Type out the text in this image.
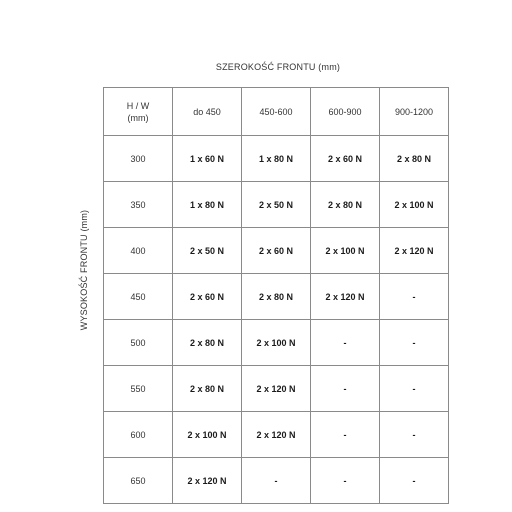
SZEROKOŚĆ FRONTU (mm)
WYSOKOŚĆ FRONTU (mm)
H / W
(mm)	do 450	450-600	600-900	900-1200
300	1 x 60 N	1 x 80 N	2 x 60 N	2 x 80 N
350	1 x 80 N	2 x 50 N	2 x 80 N	2 x 100 N
400	2 x 50 N	2 x 60 N	2 x 100 N	2 x 120 N
450	2 x 60 N	2 x 80 N	2 x 120 N	-
500	2 x 80 N	2 x 100 N	-	-
550	2 x 80 N	2 x 120 N	-	-
600	2 x 100 N	2 x 120 N	-	-
650	2 x 120 N	-	-	-
